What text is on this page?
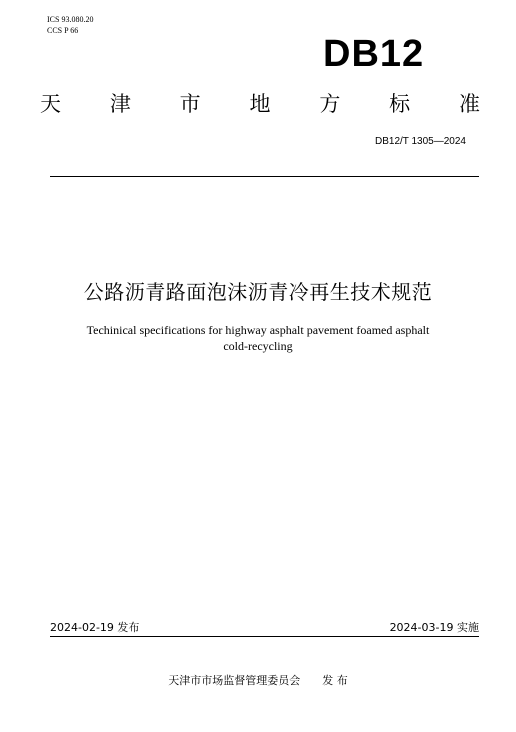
ICS 93.080.20
CCS P 66
DB12
天 津 市 地 方 标 准
DB12/T 1305—2024
公路沥青路面泡沫沥青冷再生技术规范
Techinical specifications for highway asphalt pavement foamed asphalt
cold-recycling
2024-02-19 发布	2024-03-19 实施
天津市市场监督管理委员会 发 布
